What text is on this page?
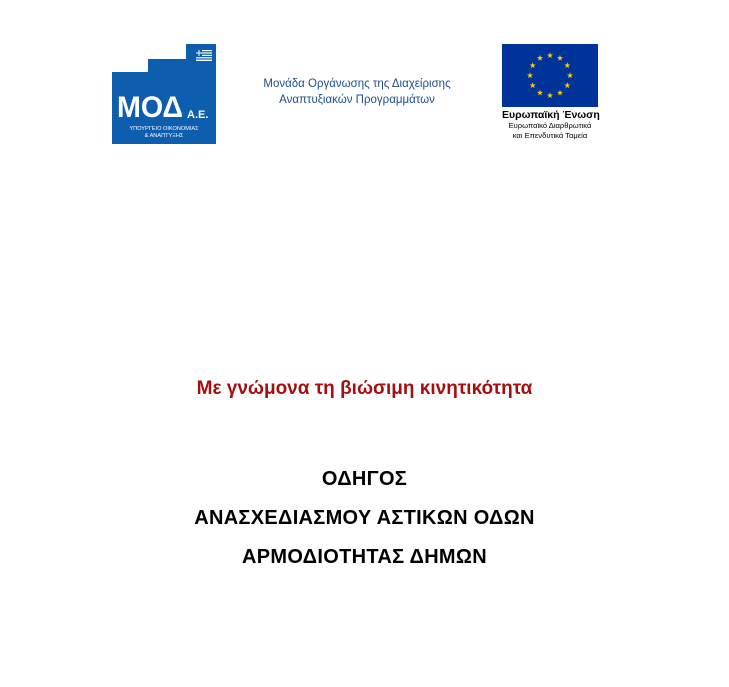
ΜΟΔ Α.Ε.
ΥΠΟΥΡΓΕΙΟ ΟΙΚΟΝΟΜΙΑΣ
& ΑΝΑΠΤΥΞΗΣ
Μονάδα Οργάνωσης της Διαχείρισης
Αναπτυξιακών Προγραμμάτων
Ευρωπαϊκή Ένωση
Ευρωπαϊκό Διαρθρωτικά
και Επενδυτικά Ταμεία
Με γνώμονα τη βιώσιμη κινητικότητα
ΟΔΗΓΟΣ
ΑΝΑΣΧΕΔΙΑΣΜΟΥ ΑΣΤΙΚΩΝ ΟΔΩΝ
ΑΡΜΟΔΙΟΤΗΤΑΣ ΔΗΜΩΝ
